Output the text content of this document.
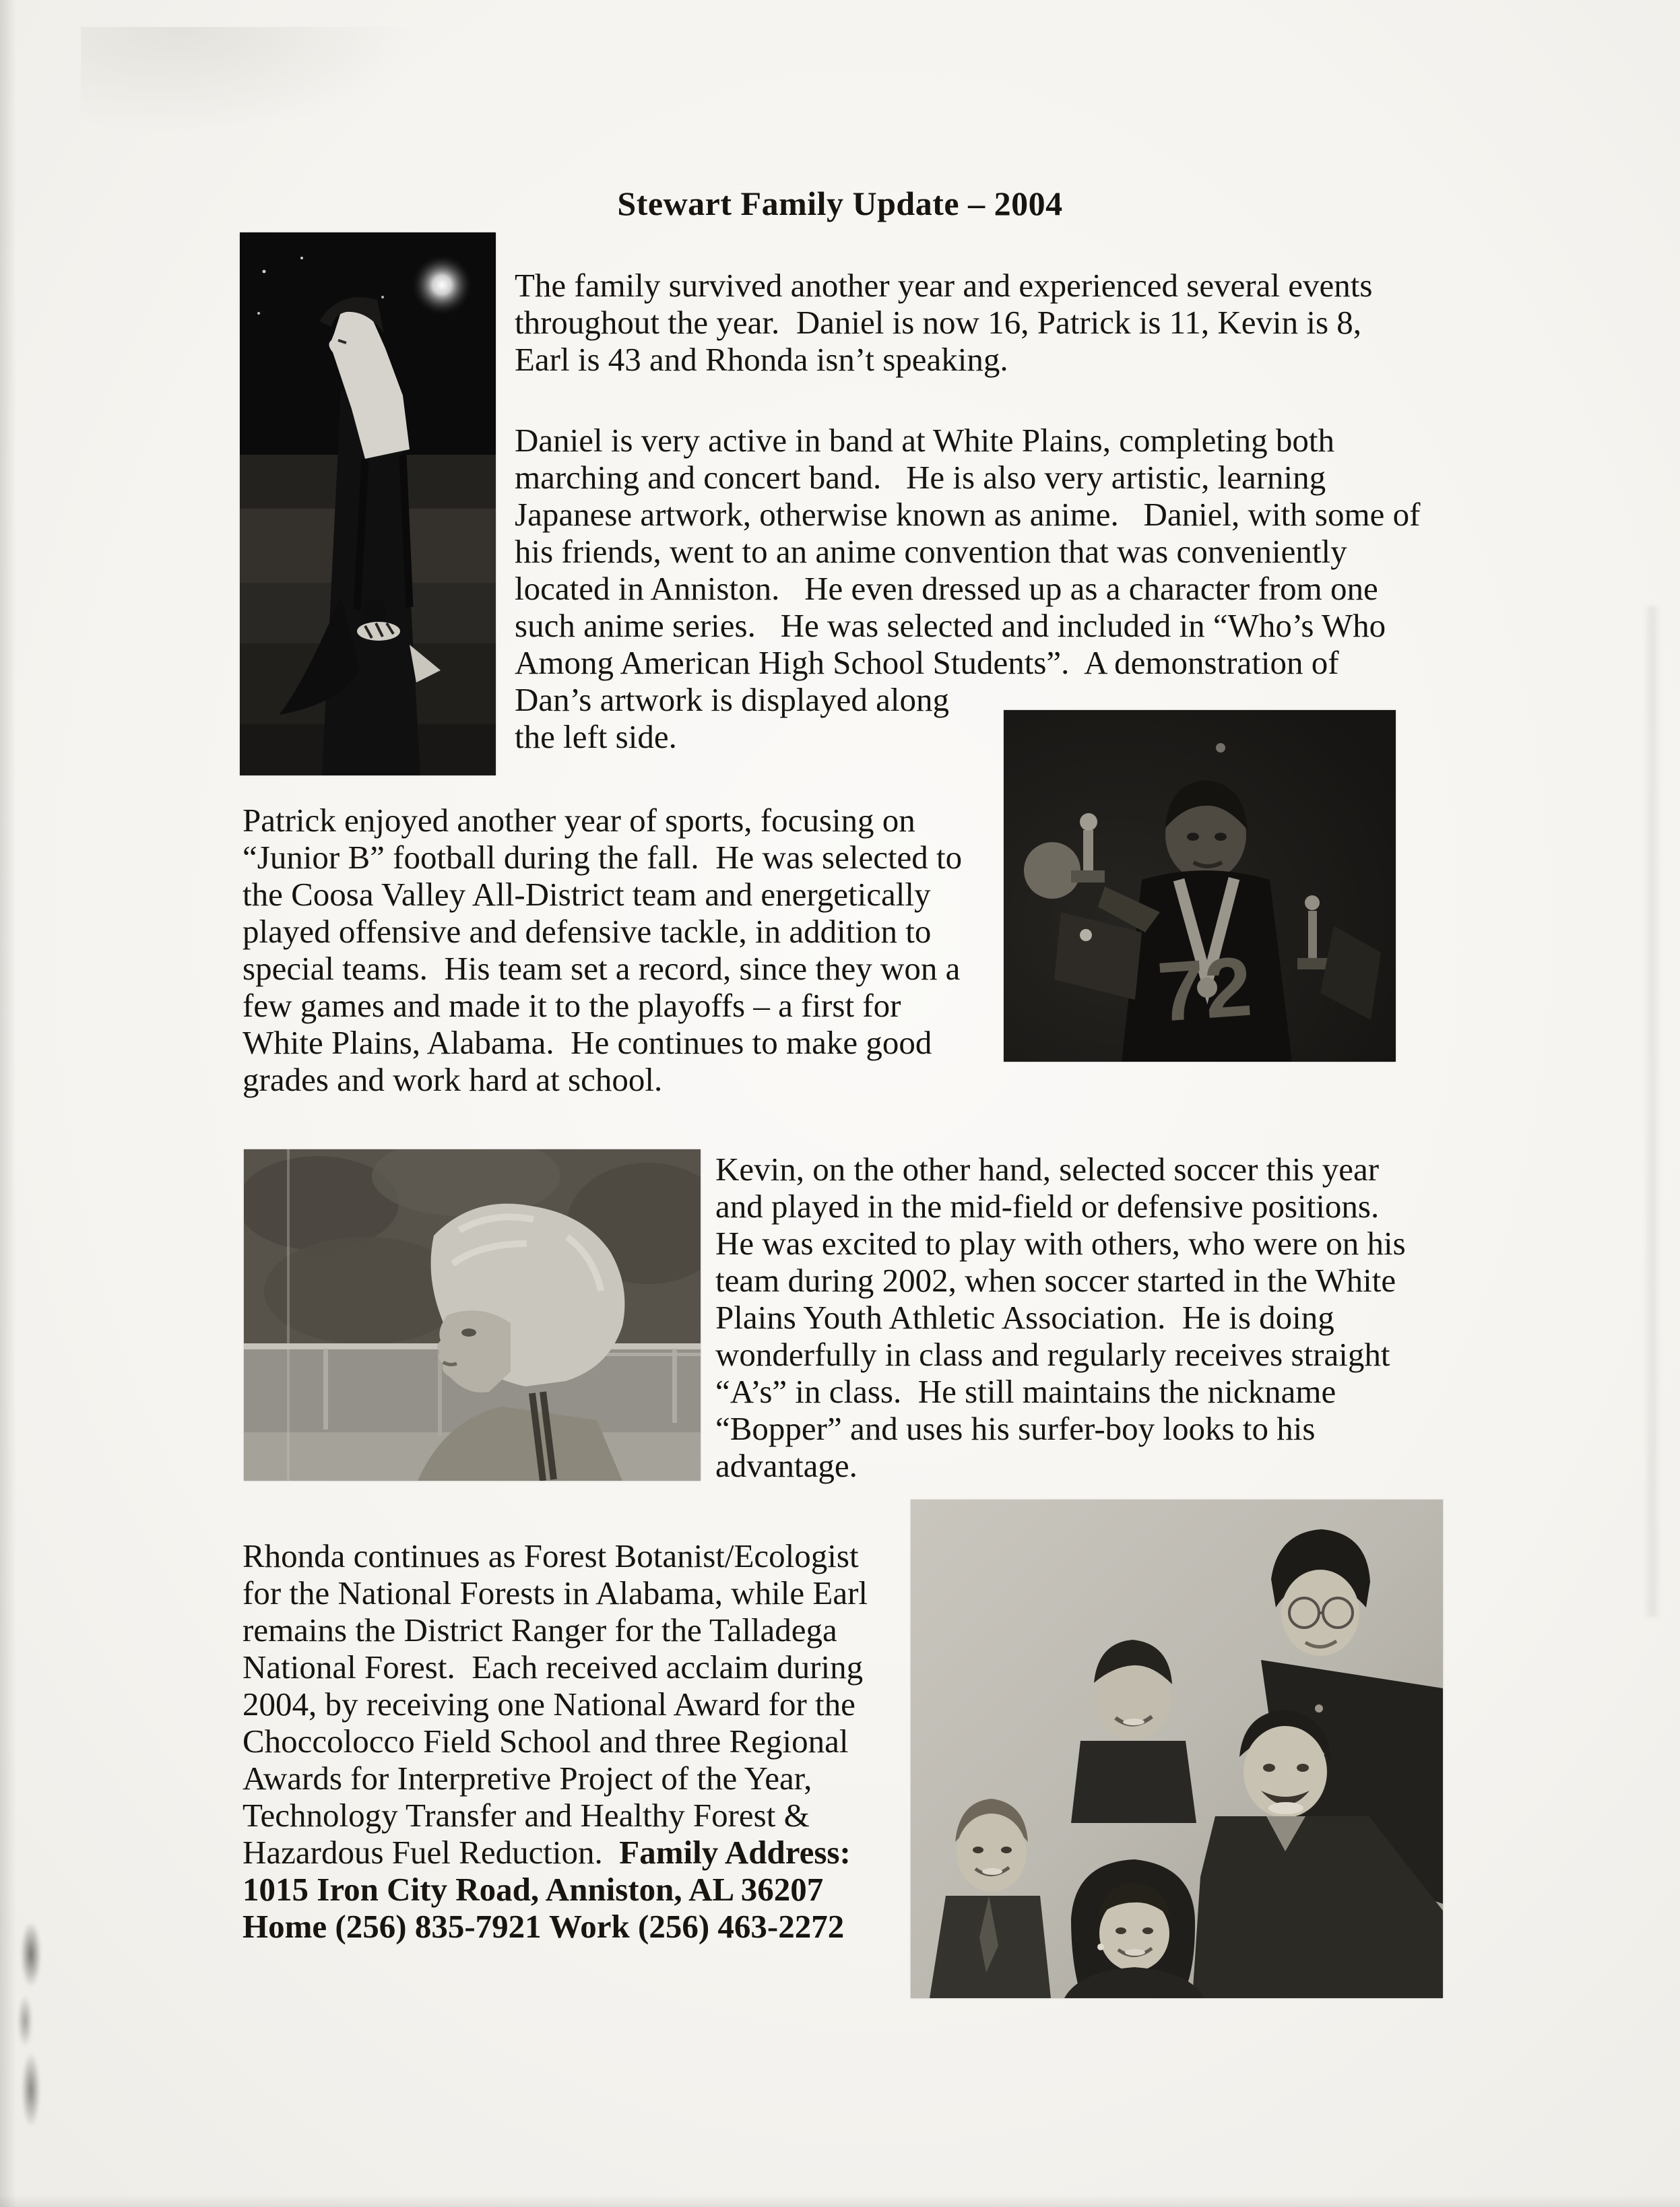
Stewart Family Update – 2004
The family survived another year and experienced several events
throughout the year.  Daniel is now 16, Patrick is 11, Kevin is 8,
Earl is 43 and Rhonda isn’t speaking.
Daniel is very active in band at White Plains, completing both
marching and concert band.   He is also very artistic, learning
Japanese artwork, otherwise known as anime.   Daniel, with some of
his friends, went to an anime convention that was conveniently
located in Anniston.   He even dressed up as a character from one
such anime series.   He was selected and included in “Who’s Who
Among American High School Students”.  A demonstration of
Dan’s artwork is displayed along
the left side.
72
Patrick enjoyed another year of sports, focusing on
“Junior B” football during the fall.  He was selected to
the Coosa Valley All-District team and energetically
played offensive and defensive tackle, in addition to
special teams.  His team set a record, since they won a
few games and made it to the playoffs – a first for
White Plains, Alabama.  He continues to make good
grades and work hard at school.
Kevin, on the other hand, selected soccer this year
and played in the mid-field or defensive positions.
He was excited to play with others, who were on his
team during 2002, when soccer started in the White
Plains Youth Athletic Association.  He is doing
wonderfully in class and regularly receives straight
“A’s” in class.  He still maintains the nickname
“Bopper” and uses his surfer-boy looks to his
advantage.
Rhonda continues as Forest Botanist/Ecologist
for the National Forests in Alabama, while Earl
remains the District Ranger for the Talladega
National Forest.  Each received acclaim during
2004, by receiving one National Award for the
Choccolocco Field School and three Regional
Awards for Interpretive Project of the Year,
Technology Transfer and Healthy Forest &
Hazardous Fuel Reduction.  Family Address:
1015 Iron City Road, Anniston, AL 36207
Home (256) 835-7921 Work (256) 463-2272
